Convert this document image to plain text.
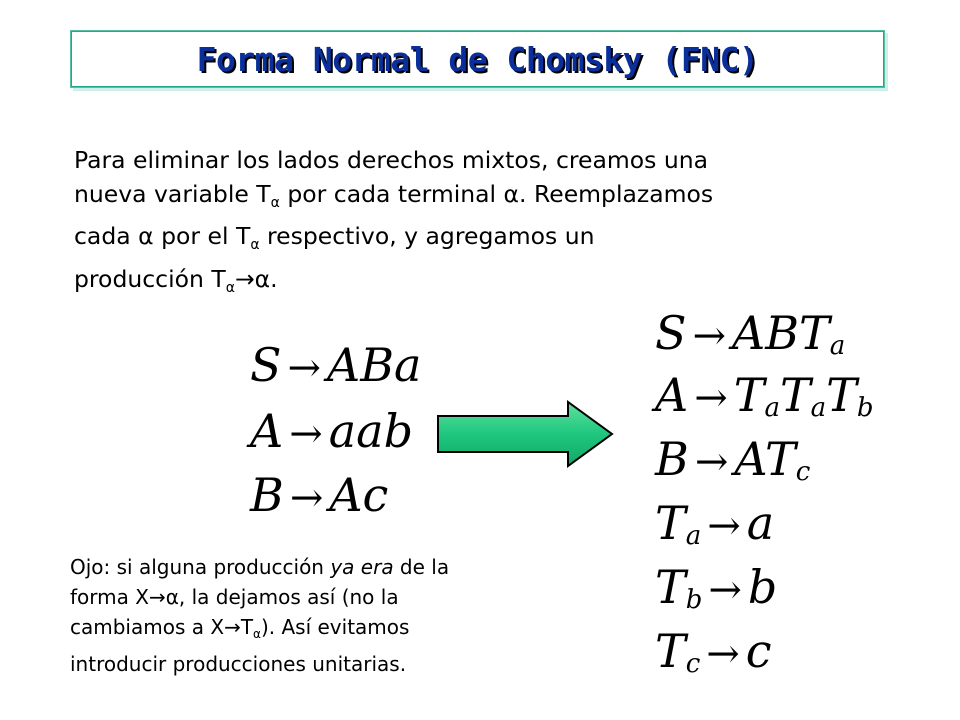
Forma Normal de Chomsky (FNC)
Para eliminar los lados derechos mixtos, creamos una
nueva variable $T_\alpha$ por cada terminal α. Reemplazamos
cada α por el $T_\alpha$ respectivo, y agregamos un
producción $T_\alpha\to\alpha$.
S → ABa
A → aab
B → Ac
S → ABTa
A → TaTaTb
B → ATc
Ta → a
Tb → b
Tc → c
Ojo: si alguna producción ya era de la
forma X→α, la dejamos así (no la
cambiamos a $X\to T_\alpha$). Así evitamos
introducir producciones unitarias.
